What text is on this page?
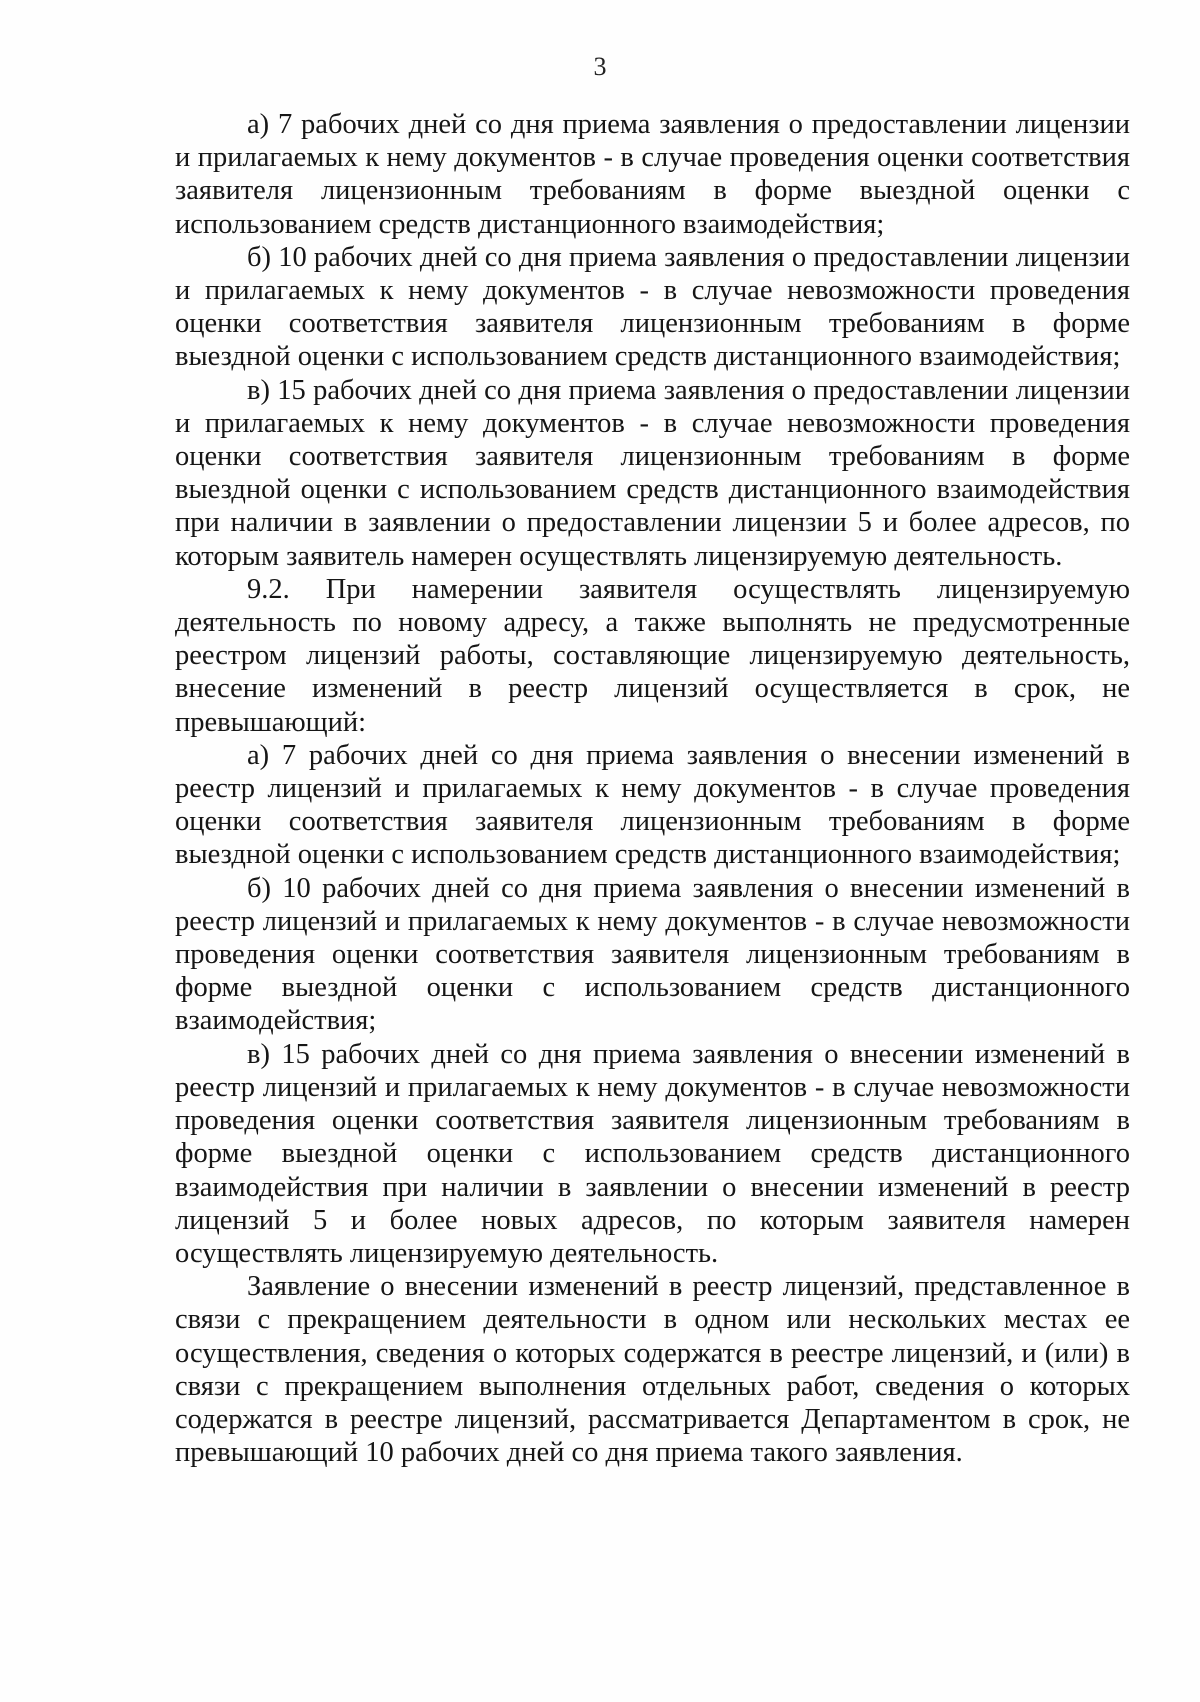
3

а) 7 рабочих дней со дня приема заявления о предоставлении лицензии и прилагаемых к нему документов - в случае проведения оценки соответствия заявителя лицензионным требованиям в форме выездной оценки с использованием средств дистанционного взаимодействия;

б) 10 рабочих дней со дня приема заявления о предоставлении лицензии и прилагаемых к нему документов - в случае невозможности проведения оценки соответствия заявителя лицензионным требованиям в форме выездной оценки с использованием средств дистанционного взаимодействия;

в) 15 рабочих дней со дня приема заявления о предоставлении лицензии и прилагаемых к нему документов - в случае невозможности проведения оценки соответствия заявителя лицензионным требованиям в форме выездной оценки с использованием средств дистанционного взаимодействия при наличии в заявлении о предоставлении лицензии 5 и более адресов, по которым заявитель намерен осуществлять лицензируемую деятельность.

9.2. При намерении заявителя осуществлять лицензируемую деятельность по новому адресу, а также выполнять не предусмотренные реестром лицензий работы, составляющие лицензируемую деятельность, внесение изменений в реестр лицензий осуществляется в срок, не превышающий:

а) 7 рабочих дней со дня приема заявления о внесении изменений в реестр лицензий и прилагаемых к нему документов - в случае проведения оценки соответствия заявителя лицензионным требованиям в форме выездной оценки с использованием средств дистанционного взаимодействия;

б) 10 рабочих дней со дня приема заявления о внесении изменений в реестр лицензий и прилагаемых к нему документов - в случае невозможности проведения оценки соответствия заявителя лицензионным требованиям в форме выездной оценки с использованием средств дистанционного взаимодействия;

в) 15 рабочих дней со дня приема заявления о внесении изменений в реестр лицензий и прилагаемых к нему документов - в случае невозможности проведения оценки соответствия заявителя лицензионным требованиям в форме выездной оценки с использованием средств дистанционного взаимодействия при наличии в заявлении о внесении изменений в реестр лицензий 5 и более новых адресов, по которым заявителя намерен осуществлять лицензируемую деятельность.

Заявление о внесении изменений в реестр лицензий, представленное в связи с прекращением деятельности в одном или нескольких местах ее осуществления, сведения о которых содержатся в реестре лицензий, и (или) в связи с прекращением выполнения отдельных работ, сведения о которых содержатся в реестре лицензий, рассматривается Департаментом в срок, не превышающий 10 рабочих дней со дня приема такого заявления.
